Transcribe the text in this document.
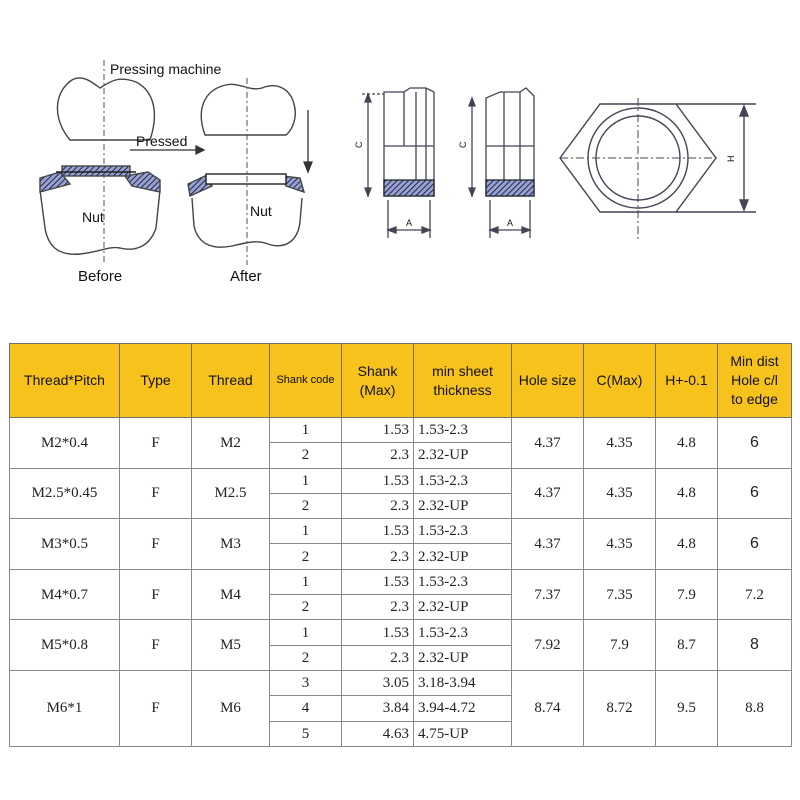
Pressing machine
Pressed
Nut	Nut
Before	After
C
A
C
A
H
Thread*Pitch	Type	Thread	Shank code	Shank
(Max)	min sheet
thickness	Hole size	C(Max)	H+-0.1	Min dist
Hole c/l
to edge
M2*0.4	F	M2	1	1.53	1.53-2.3	4.37	4.35	4.8	6
			2	2.3	2.32-UP				
M2.5*0.45	F	M2.5	1	1.53	1.53-2.3	4.37	4.35	4.8	6
			2	2.3	2.32-UP				
M3*0.5	F	M3	1	1.53	1.53-2.3	4.37	4.35	4.8	6
			2	2.3	2.32-UP				
M4*0.7	F	M4	1	1.53	1.53-2.3	7.37	7.35	7.9	7.2
			2	2.3	2.32-UP				
M5*0.8	F	M5	1	1.53	1.53-2.3	7.92	7.9	8.7	8
			2	2.3	2.32-UP				
M6*1	F	M6	3	3.05	3.18-3.94	8.74	8.72	9.5	8.8
			4	3.84	3.94-4.72				
			5	4.63	4.75-UP				
